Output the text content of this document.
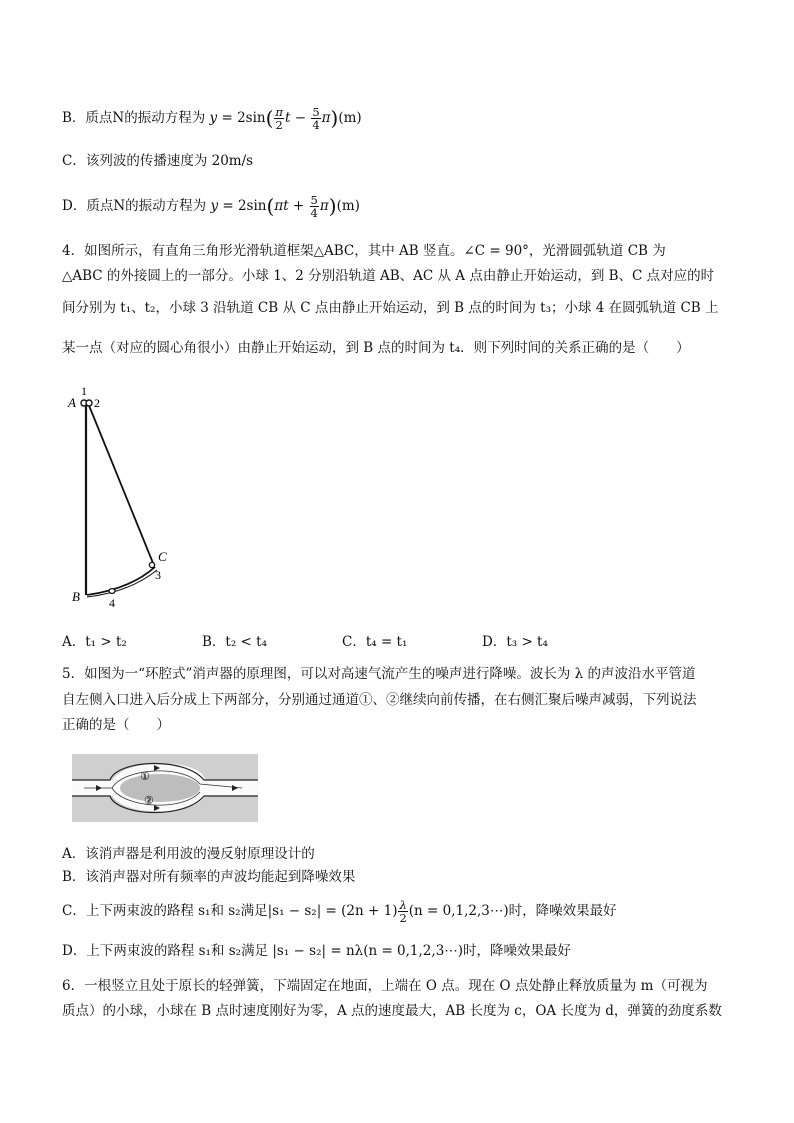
B．质点N的振动方程为 $y = 2\sin( \frac{\pi}{2}$ $t - \frac{5}{4} \pi)(m)$
C．该列波的传播速度为 20m/s
D．质点N的振动方程为 $y = 2\sin(\pi t + \frac{5}{4} \pi)(m)$
4．如图所示，有直角三角形光滑轨道框架△ABC，其中 AB 竖直。∠C = 90°，光滑圆弧轨道 CB 为
△ABC 的外接圆上的一部分。小球 1、2 分别沿轨道 AB、AC 从 A 点由静止开始运动，到 B、C 点对应的时
间分别为 t₁、t₂，小球 3 沿轨道 CB 从 C 点由静止开始运动，到 B 点的时间为 t₃；小球 4 在圆弧轨道 CB 上
某一点（对应的圆心角很小）由静止开始运动，到 B 点的时间为 t₄．则下列时间的关系正确的是（　　）
1
A 2
C
3
B 4
A．t₁ > t₂	B．t₂ < t₄	C．t₄ = t₁	D．t₃ > t₄
5．如图为一“环腔式”消声器的原理图，可以对高速气流产生的噪声进行降噪。波长为 λ 的声波沿水平管道
自左侧入口进入后分成上下两部分，分别通过通道①、②继续向前传播，在右侧汇聚后噪声减弱，下列说法
正确的是（　　）
①
②
A．该消声器是利用波的漫反射原理设计的
B．该消声器对所有频率的声波均能起到降噪效果
C．上下两束波的路程 s₁和 s₂满足$|s_1 - s_2| = (2n + 1) \frac{\lambda}{2} (n$ = 0,1,2,3⋯)时，降噪效果最好
D．上下两束波的路程 s₁和 s₂满足 |s₁ − s₂| = nλ(n = 0,1,2,3⋯)时，降噪效果最好
6．一根竖立且处于原长的轻弹簧，下端固定在地面，上端在 O 点。现在 O 点处静止释放质量为 m（可视为
质点）的小球，小球在 B 点时速度刚好为零，A 点的速度最大，AB 长度为 c，OA 长度为 d，弹簧的劲度系数
